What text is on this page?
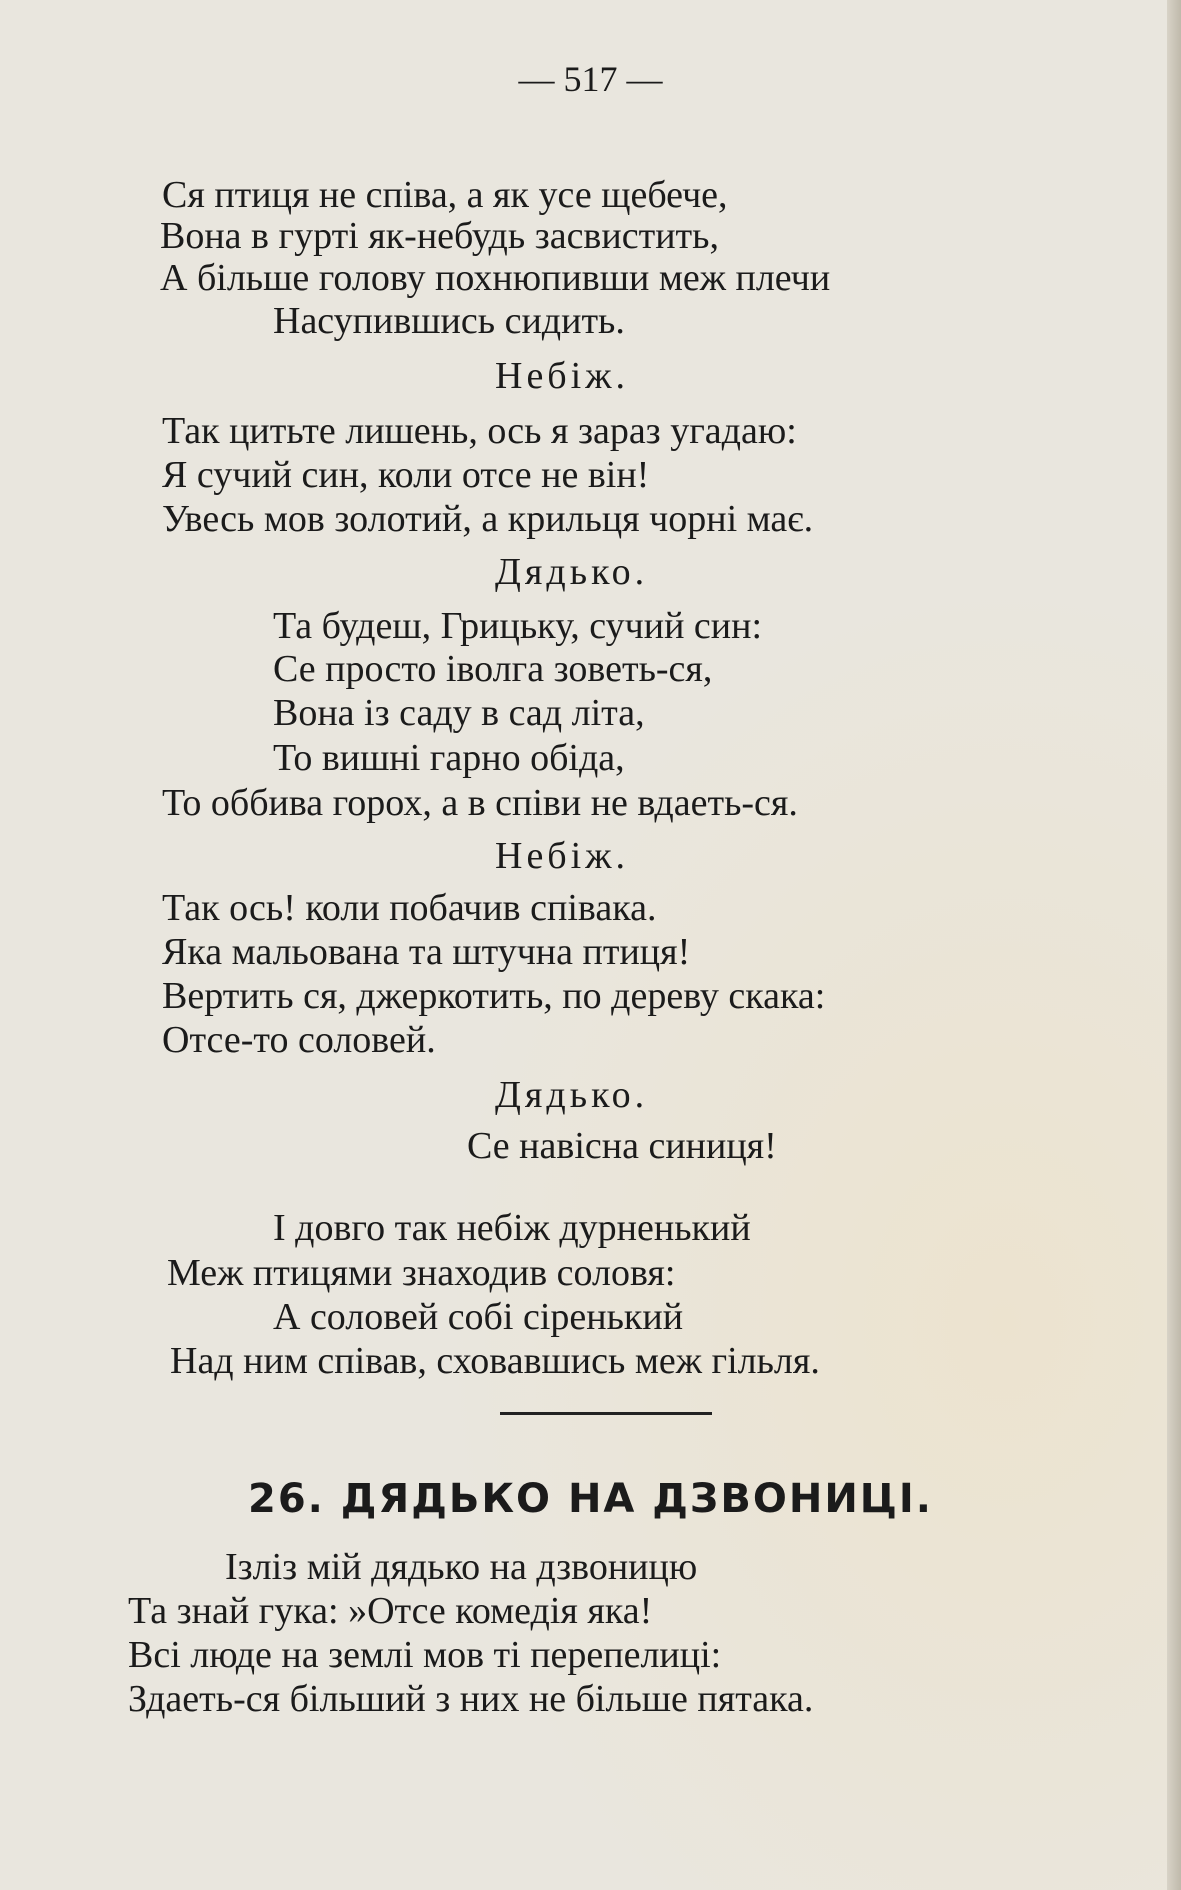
— 517 —
Ся птиця не співа, а як усе щебече,
Вона в гурті як-небудь засвистить,
А більше голову похнюпивши меж плечи
Насупившись сидить.
Небіж.
Так цитьте лишень, ось я зараз угадаю:
Я сучий син, коли отсе не він!
Увесь мов золотий, а крильця чорні має.
Дядько.
Та будеш, Грицьку, сучий син:
Се просто іволга зоветь-ся,
Вона із саду в сад літа,
То вишні гарно обіда,
То оббива горох, а в співи не вдаеть-ся.
Небіж.
Так ось! коли побачив співака.
Яка мальована та штучна птиця!
Вертить ся, джеркотить, по дереву скака:
Отсе-то соловей.
Дядько.
Се навісна синиця!
І довго так небіж дурненький
Меж птицями знаходив соловя:
А соловей собі сіренький
Над ним співав, сховавшись меж гільля.
26. ДЯДЬКО НА ДЗВОНИЦІ.
Ізліз мій дядько на дзвоницю
Та знай гука: »Отсе комедія яка!
Всі люде на землі мов ті перепелиці:
Здаеть-ся більший з них не більше пятака.
